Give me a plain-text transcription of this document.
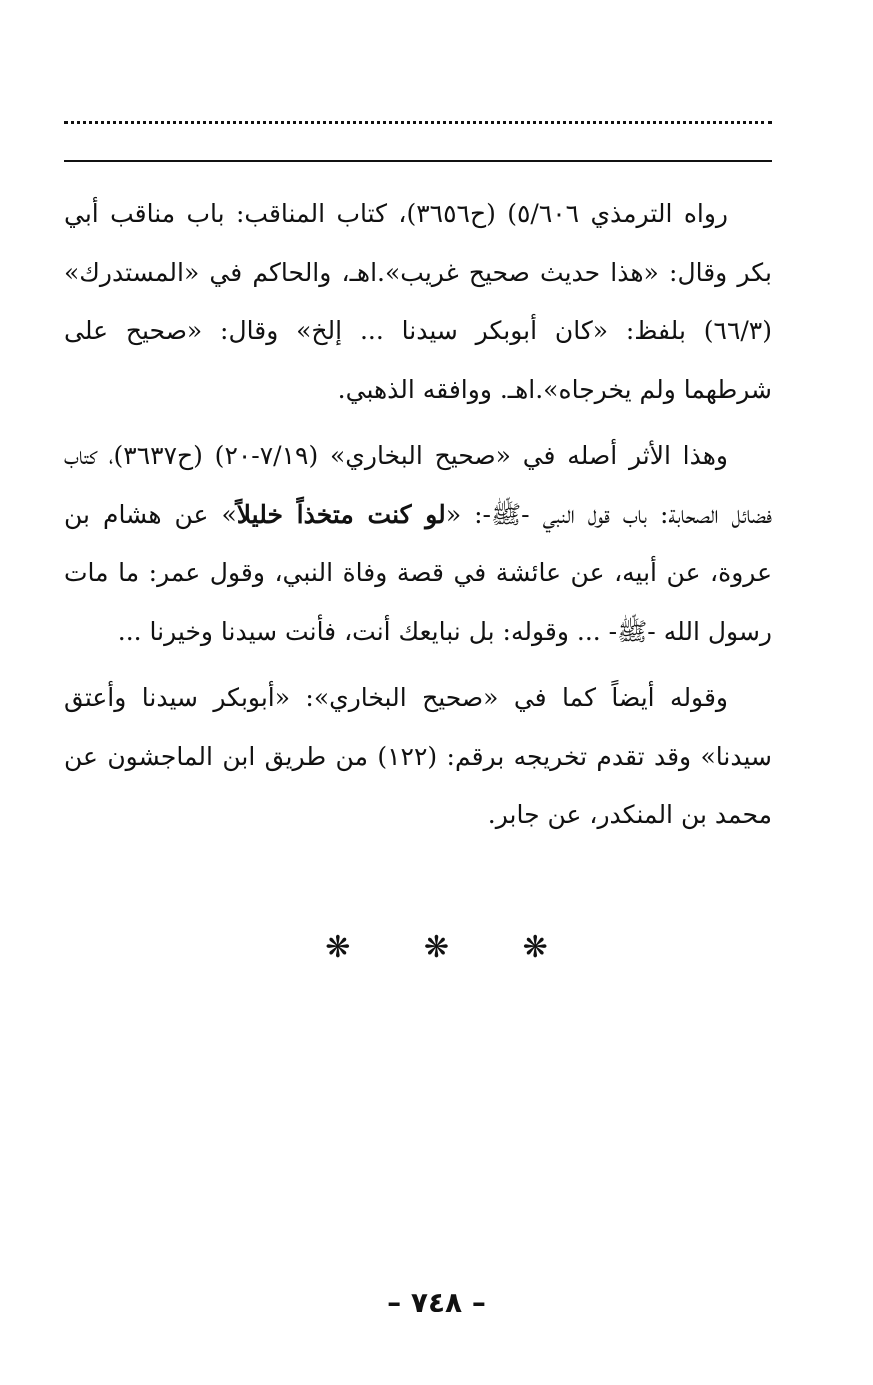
رواه الترمذي ٥/٦٠٦) (ح٣٦٥٦)، كتاب المناقب: باب مناقب أبي بكر وقال: «هذا حديث صحيح غريب».اهـ، والحاكم في «المستدرك» (٦٦/٣) بلفظ: «كان أبوبكر سيدنا ... إلخ» وقال: «صحيح على شرطهما ولم يخرجاه».اهـ. ووافقه الذهبي.

وهذا الأثر أصله في «صحيح البخاري» (٧/١٩-٢٠) (ح٣٦٣٧)، كتاب فضائل الصحابة: باب قول النبي -ﷺ-: «لو كنت متخذاً خليلاً» عن هشام بن عروة، عن أبيه، عن عائشة في قصة وفاة النبي، وقول عمر: ما مات رسول الله -ﷺ- ... وقوله: بل نبايعك أنت، فأنت سيدنا وخيرنا ...

وقوله أيضاً كما في «صحيح البخاري»: «أبوبكر سيدنا وأعتق سيدنا» وقد تقدم تخريجه برقم: (١٢٢) من طريق ابن الماجشون عن محمد بن المنكدر، عن جابر.

❋ ❋ ❋
– ٧٤٨ –
